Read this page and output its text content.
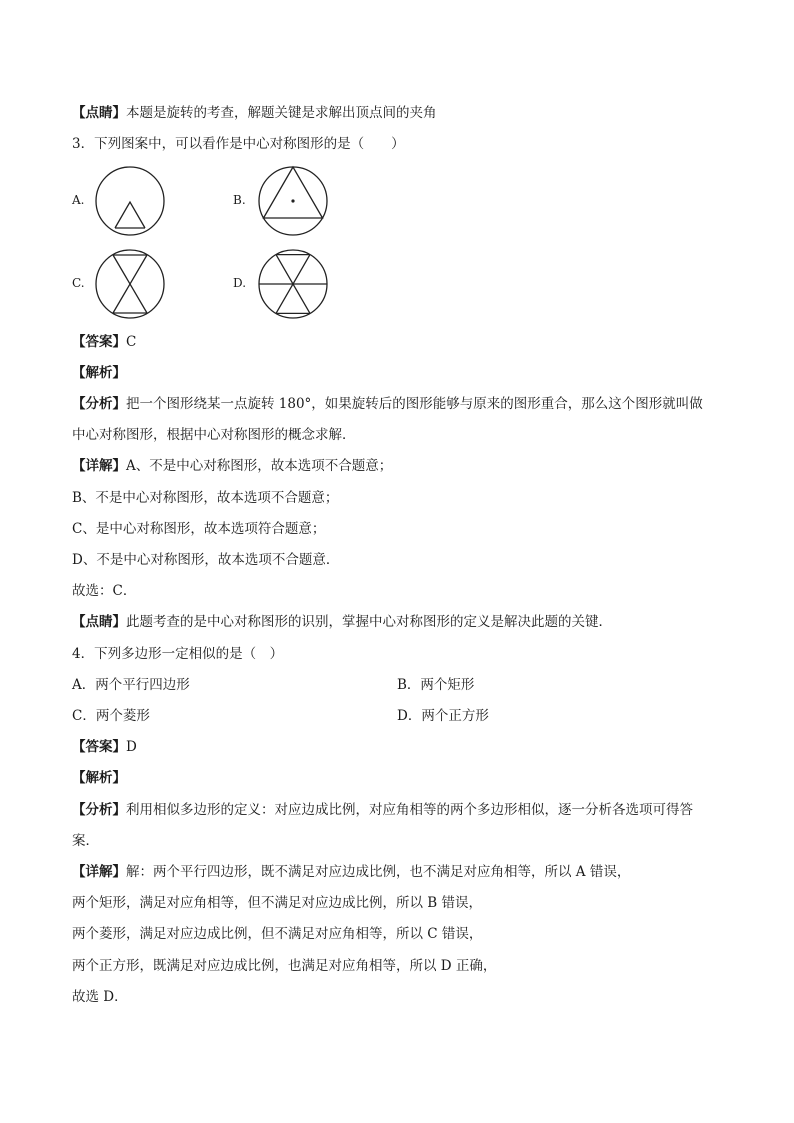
【点睛】本题是旋转的考查，解题关键是求解出顶点间的夹角
3．下列图案中，可以看作是中心对称图形的是（　　）
A.	B.
C.	D.
【答案】C
【解析】
【分析】把一个图形绕某一点旋转 180°，如果旋转后的图形能够与原来的图形重合，那么这个图形就叫做
中心对称图形，根据中心对称图形的概念求解．
【详解】A、不是中心对称图形，故本选项不合题意；
B、不是中心对称图形，故本选项不合题意；
C、是中心对称图形，故本选项符合题意；
D、不是中心对称图形，故本选项不合题意．
故选：C．
【点睛】此题考查的是中心对称图形的识别，掌握中心对称图形的定义是解决此题的关键．
4．下列多边形一定相似的是（　）
A．两个平行四边形	B．两个矩形
C．两个菱形	D．两个正方形
【答案】D
【解析】
【分析】利用相似多边形的定义：对应边成比例，对应角相等的两个多边形相似，逐一分析各选项可得答
案．
【详解】解：两个平行四边形，既不满足对应边成比例，也不满足对应角相等，所以 A 错误，
两个矩形，满足对应角相等，但不满足对应边成比例，所以 B 错误，
两个菱形，满足对应边成比例，但不满足对应角相等，所以 C 错误，
两个正方形，既满足对应边成比例，也满足对应角相等，所以 D 正确，
故选 D．
